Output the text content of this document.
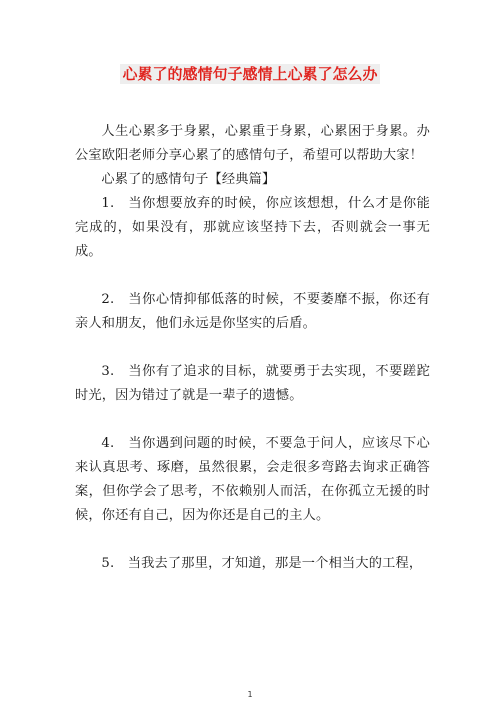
心累了的感情句子感情上心累了怎么办

人生心累多于身累，心累重于身累，心累困于身累。办公室欧阳老师分享心累了的感情句子，希望可以帮助大家！

心累了的感情句子【经典篇】

1.　当你想要放弃的时候，你应该想想，什么才是你能完成的，如果没有，那就应该坚持下去，否则就会一事无成。

2.　当你心情抑郁低落的时候，不要萎靡不振，你还有亲人和朋友，他们永远是你坚实的后盾。

3.　当你有了追求的目标，就要勇于去实现，不要蹉跎时光，因为错过了就是一辈子的遗憾。

4.　当你遇到问题的时候，不要急于问人，应该尽下心来认真思考、琢磨，虽然很累，会走很多弯路去询求正确答案，但你学会了思考，不依赖别人而活，在你孤立无援的时候，你还有自己，因为你还是自己的主人。

5.　当我去了那里，才知道，那是一个相当大的工程，

1
